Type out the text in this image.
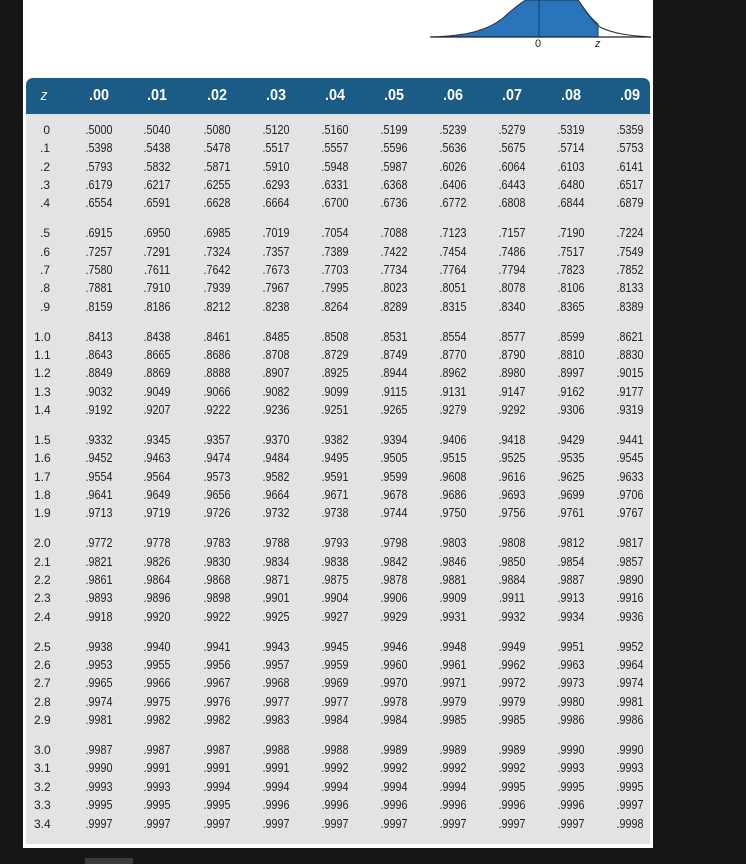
0	z
z	.00	.01	.02	.03	.04	.05	.06	.07	.08	.09
0	.5000	.5040	.5080	.5120	.5160	.5199	.5239	.5279	.5319	.5359
.1	.5398	.5438	.5478	.5517	.5557	.5596	.5636	.5675	.5714	.5753
.2	.5793	.5832	.5871	.5910	.5948	.5987	.6026	.6064	.6103	.6141
.3	.6179	.6217	.6255	.6293	.6331	.6368	.6406	.6443	.6480	.6517
.4	.6554	.6591	.6628	.6664	.6700	.6736	.6772	.6808	.6844	.6879
.5	.6915	.6950	.6985	.7019	.7054	.7088	.7123	.7157	.7190	.7224
.6	.7257	.7291	.7324	.7357	.7389	.7422	.7454	.7486	.7517	.7549
.7	.7580	.7611	.7642	.7673	.7703	.7734	.7764	.7794	.7823	.7852
.8	.7881	.7910	.7939	.7967	.7995	.8023	.8051	.8078	.8106	.8133
.9	.8159	.8186	.8212	.8238	.8264	.8289	.8315	.8340	.8365	.8389
1.0	.8413	.8438	.8461	.8485	.8508	.8531	.8554	.8577	.8599	.8621
1.1	.8643	.8665	.8686	.8708	.8729	.8749	.8770	.8790	.8810	.8830
1.2	.8849	.8869	.8888	.8907	.8925	.8944	.8962	.8980	.8997	.9015
1.3	.9032	.9049	.9066	.9082	.9099	.9115	.9131	.9147	.9162	.9177
1.4	.9192	.9207	.9222	.9236	.9251	.9265	.9279	.9292	.9306	.9319
1.5	.9332	.9345	.9357	.9370	.9382	.9394	.9406	.9418	.9429	.9441
1.6	.9452	.9463	.9474	.9484	.9495	.9505	.9515	.9525	.9535	.9545
1.7	.9554	.9564	.9573	.9582	.9591	.9599	.9608	.9616	.9625	.9633
1.8	.9641	.9649	.9656	.9664	.9671	.9678	.9686	.9693	.9699	.9706
1.9	.9713	.9719	.9726	.9732	.9738	.9744	.9750	.9756	.9761	.9767
2.0	.9772	.9778	.9783	.9788	.9793	.9798	.9803	.9808	.9812	.9817
2.1	.9821	.9826	.9830	.9834	.9838	.9842	.9846	.9850	.9854	.9857
2.2	.9861	.9864	.9868	.9871	.9875	.9878	.9881	.9884	.9887	.9890
2.3	.9893	.9896	.9898	.9901	.9904	.9906	.9909	.9911	.9913	.9916
2.4	.9918	.9920	.9922	.9925	.9927	.9929	.9931	.9932	.9934	.9936
2.5	.9938	.9940	.9941	.9943	.9945	.9946	.9948	.9949	.9951	.9952
2.6	.9953	.9955	.9956	.9957	.9959	.9960	.9961	.9962	.9963	.9964
2.7	.9965	.9966	.9967	.9968	.9969	.9970	.9971	.9972	.9973	.9974
2.8	.9974	.9975	.9976	.9977	.9977	.9978	.9979	.9979	.9980	.9981
2.9	.9981	.9982	.9982	.9983	.9984	.9984	.9985	.9985	.9986	.9986
3.0	.9987	.9987	.9987	.9988	.9988	.9989	.9989	.9989	.9990	.9990
3.1	.9990	.9991	.9991	.9991	.9992	.9992	.9992	.9992	.9993	.9993
3.2	.9993	.9993	.9994	.9994	.9994	.9994	.9994	.9995	.9995	.9995
3.3	.9995	.9995	.9995	.9996	.9996	.9996	.9996	.9996	.9996	.9997
3.4	.9997	.9997	.9997	.9997	.9997	.9997	.9997	.9997	.9997	.9998
